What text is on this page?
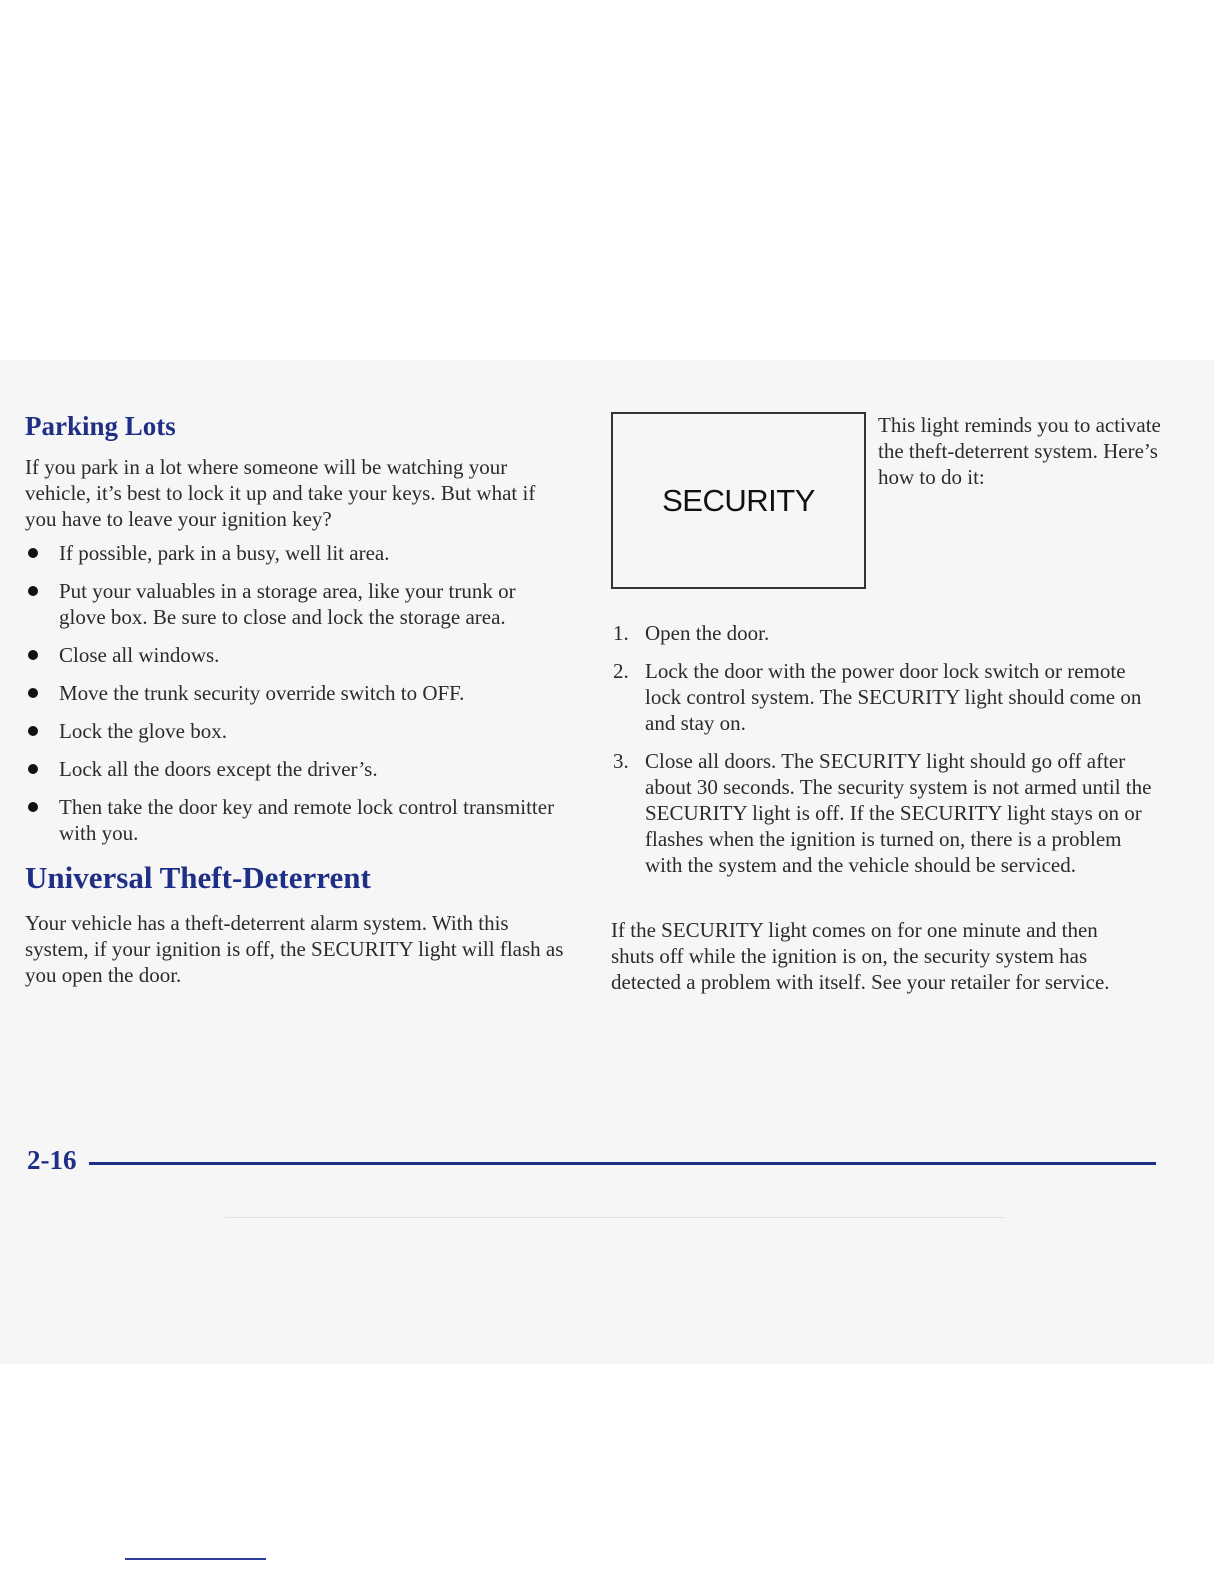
Parking Lots

If you park in a lot where someone will be watching your vehicle, it’s best to lock it up and take your keys. But what if you have to leave your ignition key?

If possible, park in a busy, well lit area.
Put your valuables in a storage area, like your trunk or glove box. Be sure to close and lock the storage area.
Close all windows.
Move the trunk security override switch to OFF.
Lock the glove box.
Lock all the doors except the driver’s.
Then take the door key and remote lock control transmitter with you.
Universal Theft-Deterrent

Your vehicle has a theft-deterrent alarm system. With this system, if your ignition is off, the SECURITY light will flash as you open the door.

SECURITY
This light reminds you to activate the theft-deterrent system. Here’s how to do it:
1. Open the door.
2. Lock the door with the power door lock switch or remote lock control system. The SECURITY light should come on and stay on.
3. Close all doors. The SECURITY light should go off after about 30 seconds. The security system is not armed until the SECURITY light is off. If the SECURITY light stays on or flashes when the ignition is turned on, there is a problem with the system and the vehicle should be serviced.

If the SECURITY light comes on for one minute and then shuts off while the ignition is on, the security system has detected a problem with itself. See your retailer for service.

2-16
